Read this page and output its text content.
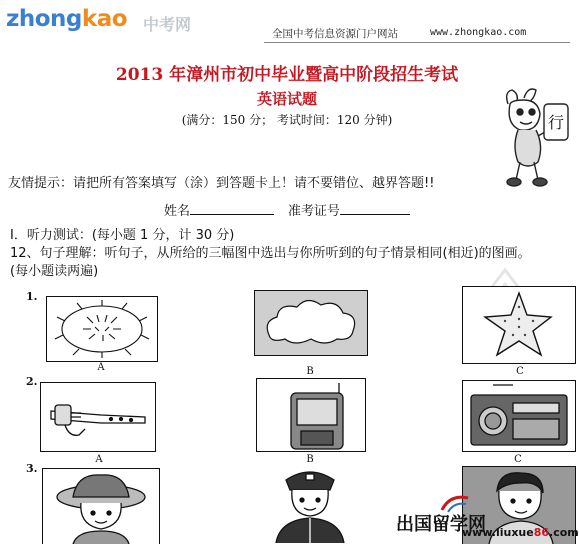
zhongkao 中考网	全国中考信息资源门户网站	www.zhongkao.com
2013 年漳州市初中毕业暨高中阶段招生考试
英语试题
(满分：150 分； 考试时间：120 分钟)	行
友情提示：请把所有答案填写（涂）到答题卡上！请不要错位、越界答题!!
姓名	准考证号
Ⅰ．听力测试：(每小题 1 分，计 30 分)
12、句子理解：听句子，从所给的三幅图中选出与你所听到的句子情景相同(相近)的图画。
(每小题读两遍)
1.
A	B	C
2.
A	B	C
3.
出国留学网
www.liuxue86.com
